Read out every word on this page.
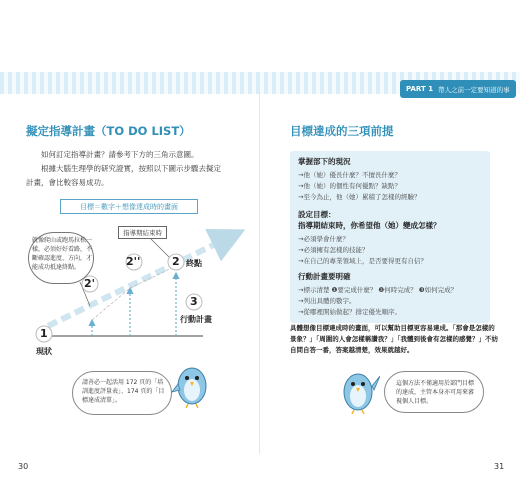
PART 1 帶人之前一定要知道的事
擬定指導計畫（TO DO LIST）
如何訂定指導計畫？請參考下方的三角示意圖。
根據大腦生理學的研究證實，按照以下圖示步驟去擬定
計畫，會比較容易成功。
目標＝數字＋想像達成時的畫面
就像爬山或跑馬拉松一樣，必須好好看路，不斷確認進度、方向，才能成功抵達終點。
指導期結束時
1
現狀
2'
2''	2 終點
3
行動計畫
請善必一起活用 172 頁的「培訓進度評量表」、174 頁的「目標達成清單」。
30
目標達成的三項前提
掌握部下的現況
→他（她）優長什麼？不擅長什麼？
→他（她）的個性有何優點？缺點？
→至今為止，他（她）累積了怎樣的經驗？
設定目標：
指導期結束時，你希望他（她）變成怎樣？
→必須學會什麼？
→必須擁有怎樣的技能？
→在自己的專業領域上，是否要得更有自信？
行動計畫要明確
→標示清楚 ❶要完成什麼？ ❷何時完成？ ❸如何完成？
→列出具體的數字。
→從哪裡開始做起？排定優先順序。
具體想像目標達成時的畫面，可以幫助目標更容易達成。「那會是怎樣的景象？」「周圍的人會怎樣稱讚我？」「我體到後會有怎樣的感覺？」不妨自問自答一番，答案越清楚，效果就越好。
這個方法不僅適用於部門目標的達成，主管本身亦可用來審視個人目標。
31
